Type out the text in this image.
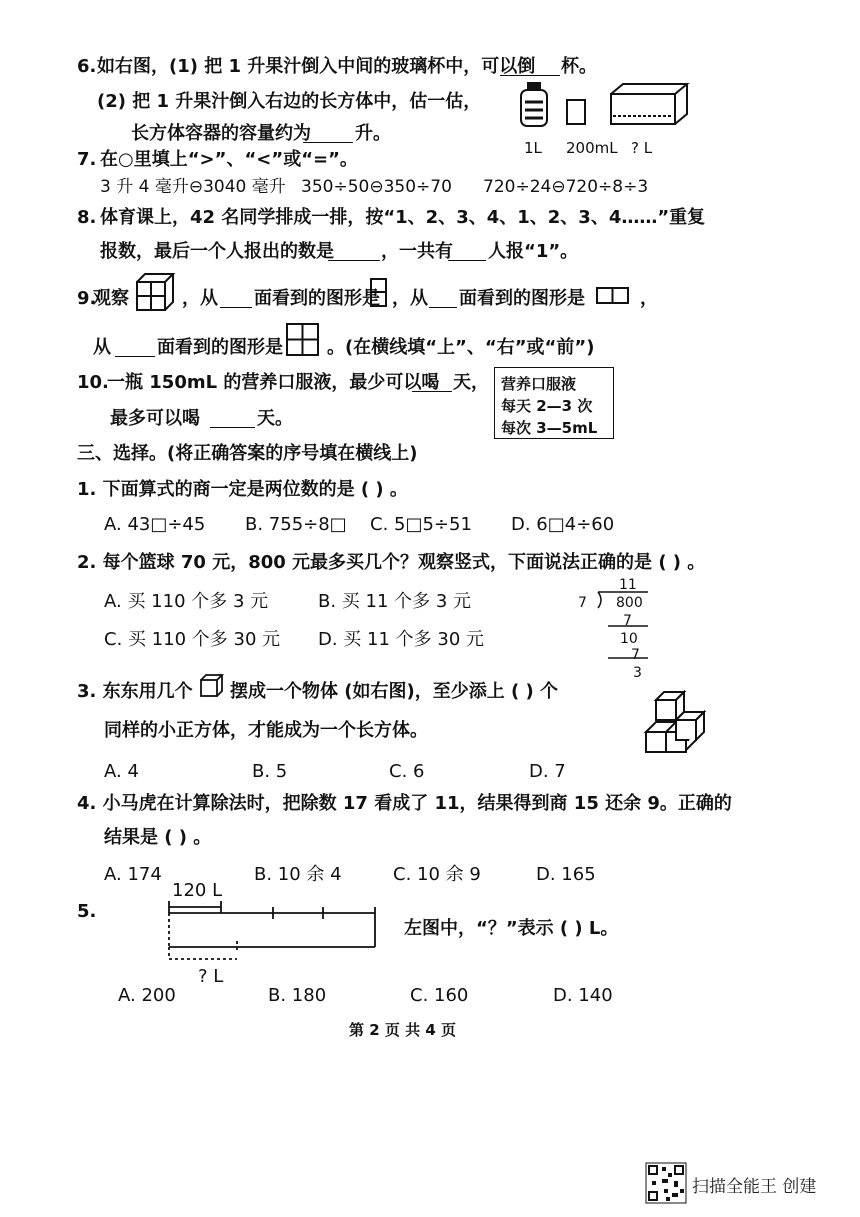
6. 如右图，(1) 把 1 升果汁倒入中间的玻璃杯中，可以倒 杯。
(2) 把 1 升果汁倒入右边的长方体中，估一估，
长方体容器的容量约为 升。
1L 200mL ? L
7. 在○里填上“>”、“<”或“=”。
3 升 4 毫升⊖3040 毫升 350÷50⊖350÷70 720÷24⊖720÷8÷3
8. 体育课上，42 名同学排成一排，按“1、2、3、4、1、2、3、4……”重复
报数，最后一个人报出的数是	，一共有 人报“1”。
9.
观察	，从 面看到的图形是 ，从 面看到的图形是	，
从	面看到的图形是 。(在横线填“上”、“右”或“前”)
10.
一瓶 150mL 的营养口服液，最少可以喝 天，
最多可以喝	天。
营养口服液
每天 2—3 次
每次 3—5mL
三、选择。(将正确答案的序号填在横线上)
1. 下面算式的商一定是两位数的是 ( ) 。
A. 43□÷45 B. 755÷8□ C. 5□5÷51 D. 6□4÷60
2. 每个篮球 70 元，800 元最多买几个？观察竖式，下面说法正确的是 ( ) 。
A. 买 110 个多 3 元	B. 买 11 个多 3 元
C. 买 110 个多 30 元 D. 买 11 个多 30 元
11
7 800
7
10
7
3
3. 东东用几个 摆成一个物体 (如右图)，至少添上 ( ) 个
同样的小正方体，才能成为一个长方体。
A. 4	B. 5	C. 6	D. 7
4. 小马虎在计算除法时，把除数 17 看成了 11，结果得到商 15 还余 9。正确的
结果是 ( ) 。
A. 174	B. 10 余 4	C. 10 余 9	D. 165
5.
120 L
? L
左图中，“？”表示 ( ) L。
A. 200	B. 180	C. 160	D. 140
第 2 页 共 4 页
扫描全能王 创建
